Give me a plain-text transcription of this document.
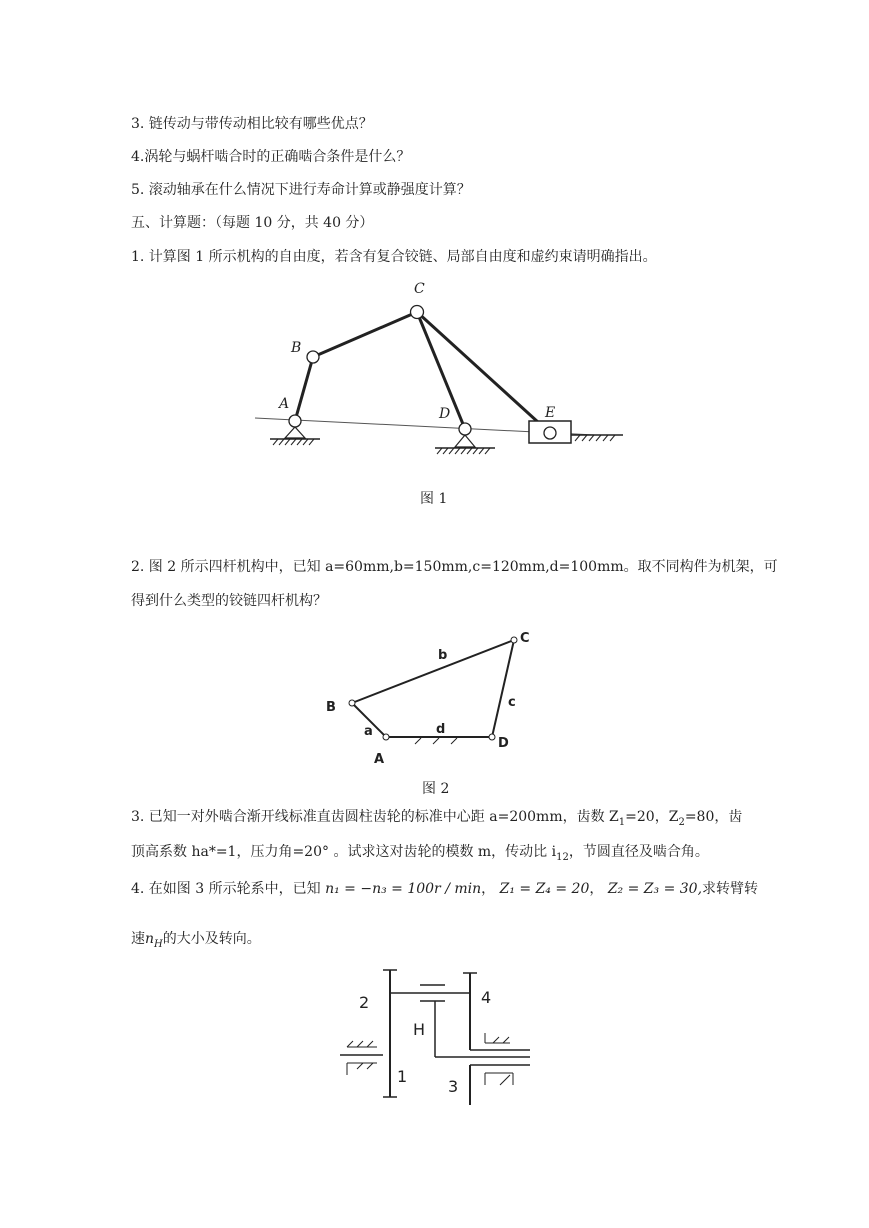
3. 链传动与带传动相比较有哪些优点？
4.涡轮与蜗杆啮合时的正确啮合条件是什么？
5. 滚动轴承在什么情况下进行寿命计算或静强度计算？
五、计算题：（每题 10 分，共 40 分）
1. 计算图 1 所示机构的自由度，若含有复合铰链、局部自由度和虚约束请明确指出。
C
B
A
D	E
图 1
2. 图 2 所示四杆机构中，已知 a=60mm,b=150mm,c=120mm,d=100mm。取不同构件为机架，可
得到什么类型的铰链四杆机构？
C
b
B	c
a	d
A
D
图 2
3. 已知一对外啮合渐开线标准直齿圆柱齿轮的标准中心距 a=200mm，齿数 $Z_1=20$，$Z_2=80$，齿
顶高系数 ha*=1，压力角=20° 。试求这对齿轮的模数 m，传动比 $i_{12}$，节圆直径及啮合角。
4. 在如图 3 所示轮系中，已知 n₁ = −n₃ = 100r / min， Z₁ = Z₄ = 20， Z₂ = Z₃ = 30,求转臂转
速$n_H$的大小及转向。
2	4
H
1
3
